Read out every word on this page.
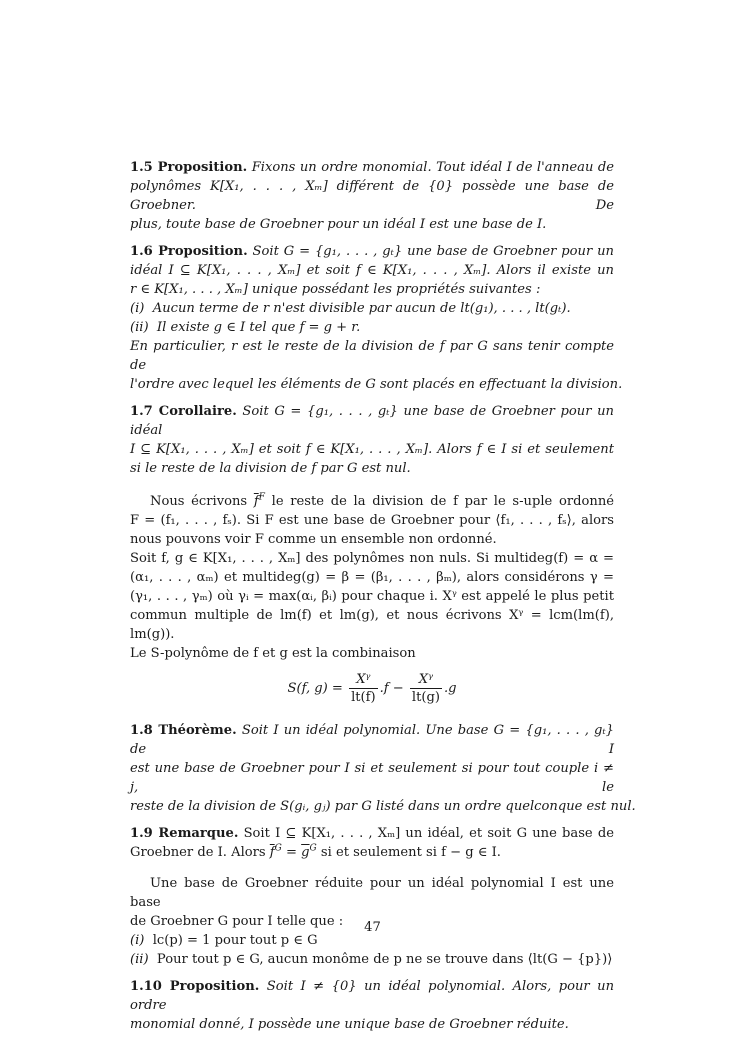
1.5 Proposition. Fixons un ordre monomial. Tout idéal I de l'anneau de
polynômes K[X₁, . . . , Xₘ] différent de {0} possède une base de Groebner. De
plus, toute base de Groebner pour un idéal I est une base de I.
1.6 Proposition. Soit G = {g₁, . . . , gₜ} une base de Groebner pour un
idéal I ⊆ K[X₁, . . . , Xₘ] et soit f ∈ K[X₁, . . . , Xₘ]. Alors il existe un
r ∈ K[X₁, . . . , Xₘ] unique possédant les propriétés suivantes :
(i) Aucun terme de r n'est divisible par aucun de lt(g₁), . . . , lt(gₜ).
(ii) Il existe g ∈ I tel que f = g + r.
En particulier, r est le reste de la division de f par G sans tenir compte de
l'ordre avec lequel les éléments de G sont placés en effectuant la division.
1.7 Corollaire. Soit G = {g₁, . . . , gₜ} une base de Groebner pour un idéal
I ⊆ K[X₁, . . . , Xₘ] et soit f ∈ K[X₁, . . . , Xₘ]. Alors f ∈ I si et seulement
si le reste de la division de f par G est nul.
Nous écrivons $\overline{f}^F$ le reste de la division de f par le s-uple ordonné
F = (f₁, . . . , fₛ). Si F est une base de Groebner pour ⟨f₁, . . . , fₛ⟩, alors
nous pouvons voir F comme un ensemble non ordonné.
Soit f, g ∈ K[X₁, . . . , Xₘ] des polynômes non nuls. Si multideg(f) = α =
(α₁, . . . , αₘ) et multideg(g) = β = (β₁, . . . , βₘ), alors considérons γ =
(γ₁, . . . , γₘ) où γᵢ = max(αᵢ, βᵢ) pour chaque i. Xᵞ est appelé le plus petit
commun multiple de lm(f) et lm(g), et nous écrivons Xᵞ = lcm(lm(f), lm(g)).
Le S-polynôme de f et g est la combinaison
S(f, $g) = \frac{\text{Xᵞ}}{lt(f)} .f - \frac{\text{Xᵞ}}{lt(g)} .g$
1.8 Théorème. Soit I un idéal polynomial. Une base G = {g₁, . . . , gₜ} de I
est une base de Groebner pour I si et seulement si pour tout couple i ≠ j, le
reste de la division de S(gᵢ, gⱼ) par G listé dans un ordre quelconque est nul.
1.9 Remarque. Soit I ⊆ K[X₁, . . . , Xₘ] un idéal, et soit G une base de
Groebner de I. Alors $\overline{f}^G = \overline{g}^G$ si et seulement si f − g ∈ I.
Une base de Groebner réduite pour un idéal polynomial I est une base
de Groebner G pour I telle que :
(i) lc(p) = 1 pour tout p ∈ G
(ii) Pour tout p ∈ G, aucun monôme de p ne se trouve dans ⟨lt(G − {p})⟩
1.10 Proposition. Soit I ≠ {0} un idéal polynomial. Alors, pour un ordre
monomial donné, I possède une unique base de Groebner réduite.
47
